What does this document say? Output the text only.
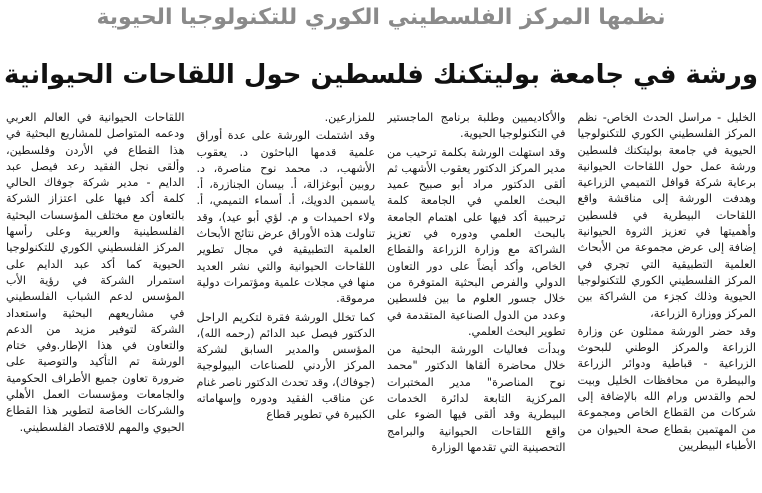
نظمها المركز الفلسطيني الكوري للتكنولوجيا الحيوية
ورشة في جامعة بوليتكنك فلسطين حول اللقاحات الحيوانية

الخليل - مراسل الحدث الخاص- نظم المركز الفلسطيني الكوري للتكنولوجيا الحيوية في جامعة بوليتكنك فلسطين ورشة عمل حول اللقاحات الحيوانية برعاية شركة قوافل التميمي الزراعية وهدفت الورشة إلى مناقشة واقع اللقاحات البيطرية في فلسطين وأهميتها في تعزيز الثروة الحيوانية إضافة إلى عرض مجموعة من الأبحاث العلمية التطبيقية التي تجري في المركز الفلسطيني الكوري للتكنولوجيا الحيوية وذلك كجزء من الشراكة بين المركز ووزارة الزراعة،

وقد حضر الورشة ممثلون عن وزارة الزراعة والمركز الوطني للبحوث الزراعية - قباطية ودوائر الزراعة والبيطرة من محافظات الخليل وبيت لحم والقدس ورام الله بالإضافة إلى شركات من القطاع الخاص ومجموعة من المهتمين بقطاع صحة الحيوان من الأطباء البيطريين

والأكاديميين وطلبة برنامج الماجستير في التكنولوجيا الحيوية.

وقد استهلت الورشة بكلمة ترحيب من مدير المركز الدكتور يعقوب الأشهب ثم ألقى الدكتور مراد أبو صبيح عميد البحث العلمي في الجامعة كلمة ترحيبية أكد فيها على اهتمام الجامعة بالبحث العلمي ودوره في تعزيز الشراكة مع وزارة الزراعة والقطاع الخاص، وأكد أيضاً على دور التعاون الدولي والفرص البحثية المتوفرة من خلال جسور العلوم ما بين فلسطين وعدد من الدول الصناعية المتقدمة في تطوير البحث العلمي.

وبدأت فعاليات الورشة البحثية من خلال محاضرة ألقاها الدكتور "محمد نوح المناصرة" مدير المختبرات المركزية التابعة لدائرة الخدمات البيطرية وقد ألقى فيها الضوء على واقع اللقاحات الحيوانية والبرامج التحصينية التي تقدمها الوزارة

للمزارعين.

وقد اشتملت الورشة على عدة أوراق علمية قدمها الباحثون د. يعقوب الأشهب، د. محمد نوح مناصرة، د. روبين أبوغزالة، أ. بيسان الجنازرة، أ. ياسمين الدويك، أ. أسماء التميمي، أ. ولاء احميدات و م. لؤي أبو عيد)، وقد تناولت هذه الأوراق عرض نتائج الأبحاث العلمية التطبيقية في مجال تطوير اللقاحات الحيوانية والتي نشر العديد منها في مجلات علمية ومؤتمرات دولية مرموقة.

كما تخلل الورشة فقرة لتكريم الراحل الدكتور فيصل عبد الدائم (رحمه الله)، المؤسس والمدير السابق لشركة المركز الأردني للصناعات البيولوجية (جوفاك)، وقد تحدث الدكتور ناصر غنام عن مناقب الفقيد ودوره وإسهاماته الكبيرة في تطوير قطاع

اللقاحات الحيوانية في العالم العربي ودعمه المتواصل للمشاريع البحثية في هذا القطاع في الأردن وفلسطين، وألقى نجل الفقيد رعد فيصل عبد الدايم - مدير شركة جوفاك الحالي كلمة أكد فيها على اعتزاز الشركة بالتعاون مع مختلف المؤسسات البحثية الفلسطينية والعربية وعلى رأسها المركز الفلسطيني الكوري للتكنولوجيا الحيوية كما أكد عبد الدايم على استمرار الشركة في رؤية الأب المؤسس لدعم الشباب الفلسطيني في مشاريعهم البحثية واستعداد الشركة لتوفير مزيد من الدعم والتعاون في هذا الإطار.وفي ختام الورشة تم التأكيد والتوصية على ضرورة تعاون جميع الأطراف الحكومية والجامعات ومؤسسات العمل الأهلي والشركات الخاصة لتطوير هذا القطاع الحيوي والمهم للاقتصاد الفلسطيني.
